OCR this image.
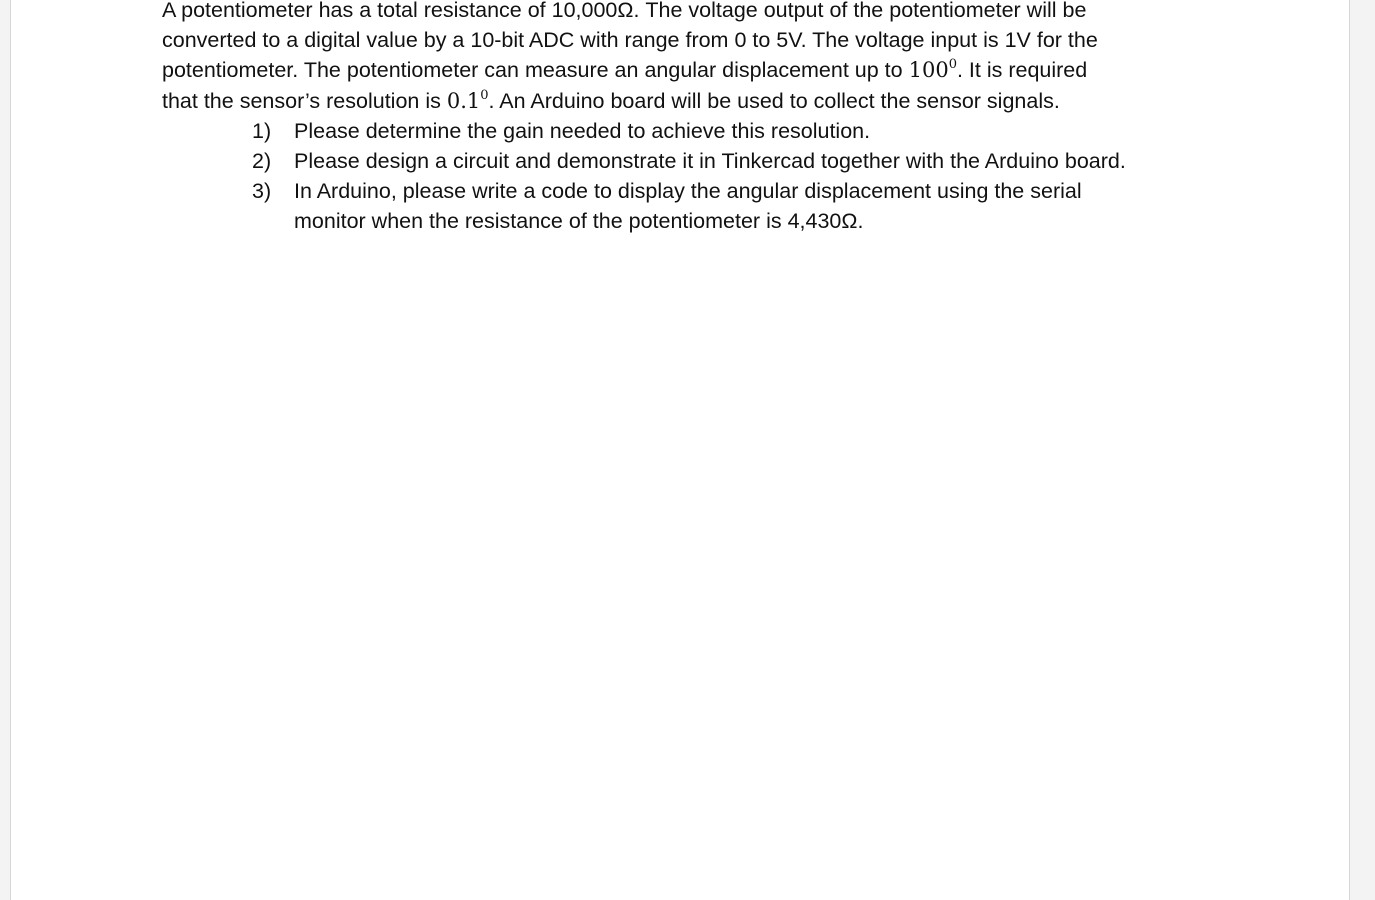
A potentiometer has a total resistance of 10,000Ω. The voltage output of the potentiometer will be
converted to a digital value by a 10-bit ADC with range from 0 to 5V. The voltage input is 1V for the
potentiometer. The potentiometer can measure an angular displacement up to $100^0$. It is required
that the sensor’s resolution is $0.1^0$. An Arduino board will be used to collect the sensor signals.

1) Please determine the gain needed to achieve this resolution.
2) Please design a circuit and demonstrate it in Tinkercad together with the Arduino board.
3) In Arduino, please write a code to display the angular displacement using the serial
monitor when the resistance of the potentiometer is 4,430Ω.
